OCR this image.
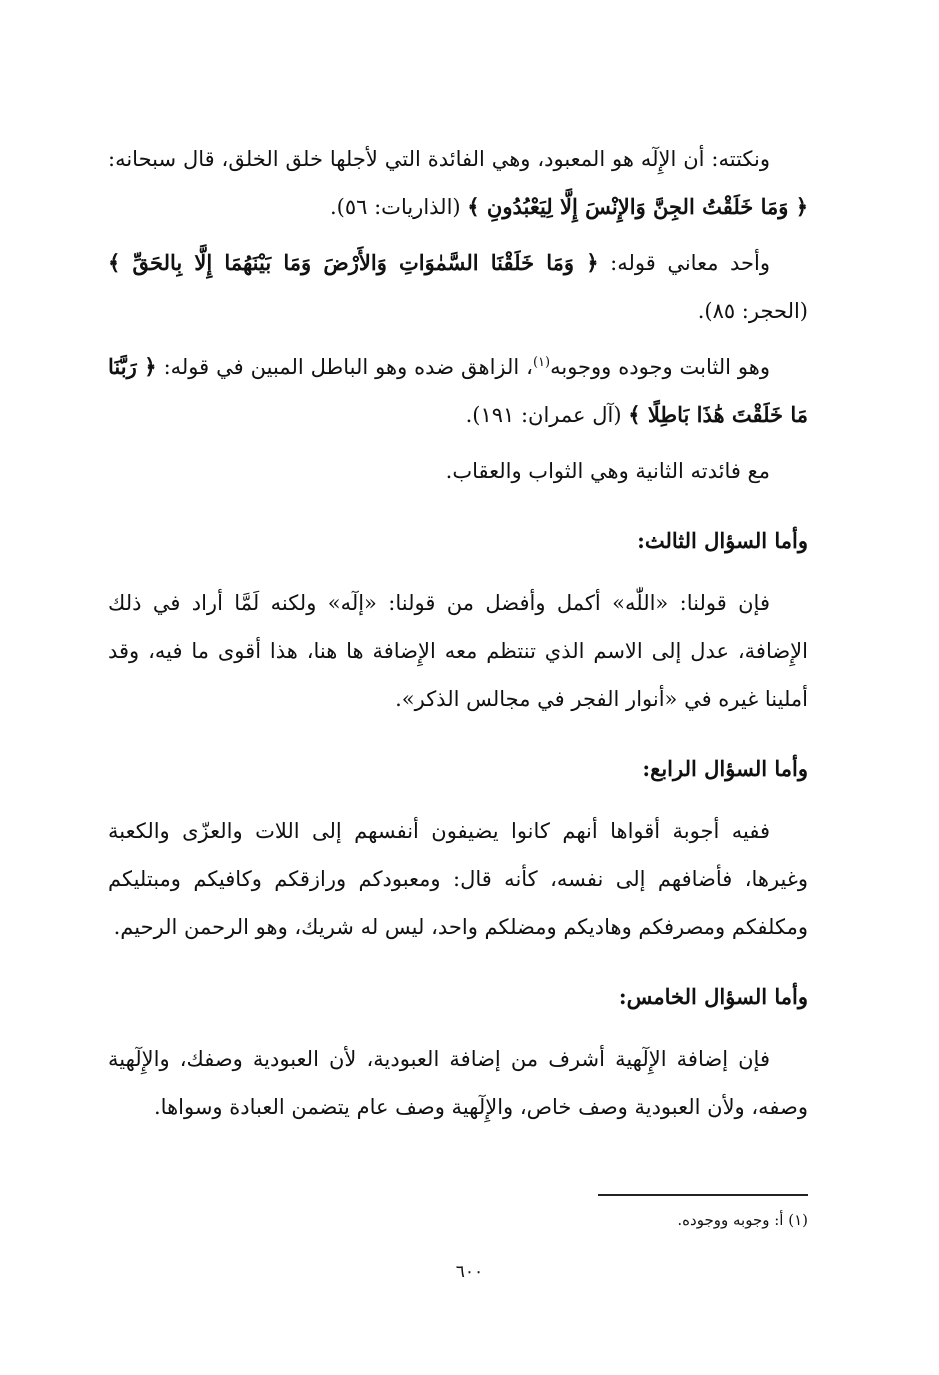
ونكتته: أن الإِلٓه هو المعبود، وهي الفائدة التي لأجلها خلق الخلق، قال سبحانه: ﴿ وَمَا خَلَقْتُ الجِنَّ وَالإِنْسَ إِلَّا لِيَعْبُدُونِ ﴾ (الذاريات: ٥٦).

وأحد معاني قوله: ﴿ وَمَا خَلَقْنَا السَّمٰوَاتِ وَالأَرْضَ وَمَا بَيْنَهُمَا إِلَّا بِالحَقِّ ﴾ (الحجر: ٨٥).

وهو الثابت وجوده ووجوبه$^{(١)}$، الزاهق ضده وهو الباطل المبين في قوله: ﴿ رَبَّنَا مَا خَلَقْتَ هَٰذَا بَاطِلًا ﴾ (آل عمران: ١٩١).

مع فائدته الثانية وهي الثواب والعقاب.

وأما السؤال الثالث:

فإن قولنا: «اللّٰه» أكمل وأفضل من قولنا: «إلٓه» ولكنه لَمَّا أراد في ذلك الإِضافة، عدل إلى الاسم الذي تنتظم معه الإِضافة ها هنا، هذا أقوى ما فيه، وقد أملينا غيره في «أنوار الفجر في مجالس الذكر».

وأما السؤال الرابع:

ففيه أجوبة أقواها أنهم كانوا يضيفون أنفسهم إلى اللات والعزّى والكعبة وغيرها، فأضافهم إلى نفسه، كأنه قال: ومعبودكم ورازقكم وكافيكم ومبتليكم ومكلفكم ومصرفكم وهاديكم ومضلكم واحد، ليس له شريك، وهو الرحمن الرحيم.

وأما السؤال الخامس:

فإن إضافة الإِلٓهية أشرف من إضافة العبودية، لأن العبودية وصفك، والإِلٓهية وصفه، ولأن العبودية وصف خاص، والإِلٓهية وصف عام يتضمن العبادة وسواها.

(١) أ: وجوبه ووجوده.
٦٠٠
